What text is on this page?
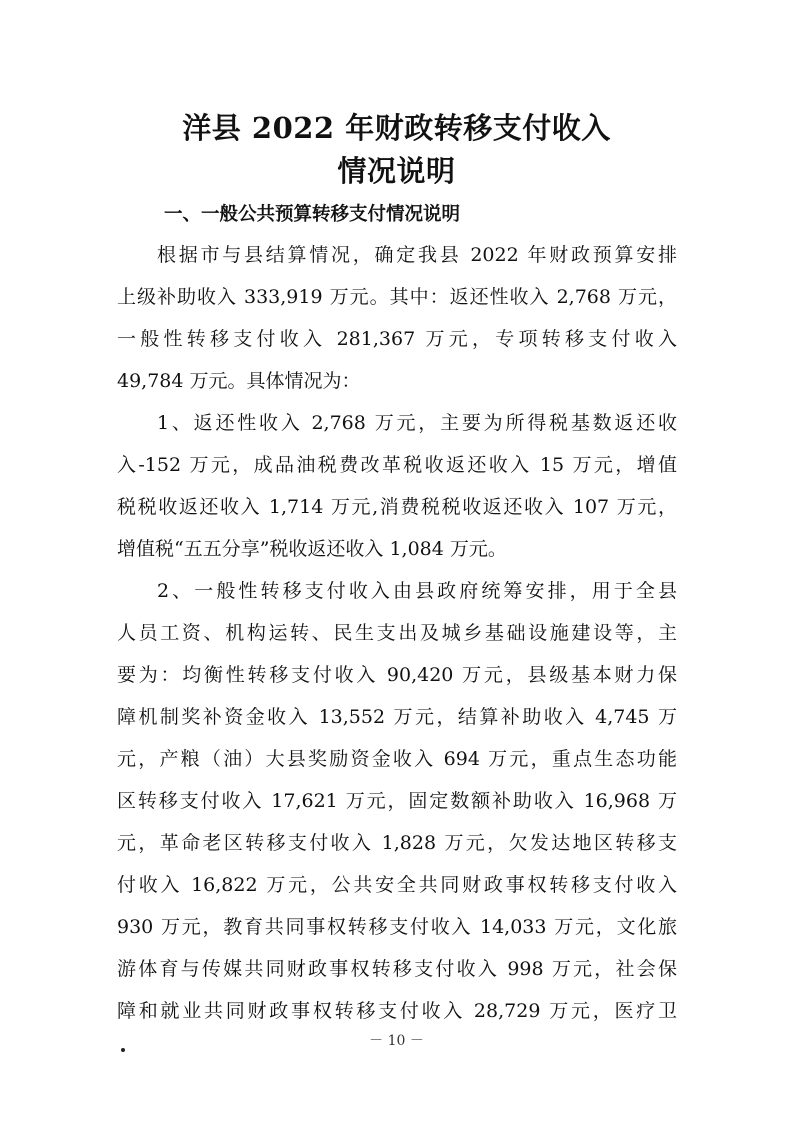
洋县 2022 年财政转移支付收入
情况说明
一、一般公共预算转移支付情况说明

根据市与县结算情况，确定我县 2022 年财政预算安排

上级补助收入 333,919 万元。其中：返还性收入 2,768 万元，

一般性转移支付收入 281,367 万元，专项转移支付收入

49,784 万元。具体情况为：

1、返还性收入 2,768 万元，主要为所得税基数返还收

入-152 万元，成品油税费改革税收返还收入 15 万元，增值

税税收返还收入 1,714 万元,消费税税收返还收入 107 万元，

增值税“五五分享”税收返还收入 1,084 万元。

2、一般性转移支付收入由县政府统筹安排，用于全县

人员工资、机构运转、民生支出及城乡基础设施建设等，主

要为：均衡性转移支付收入 90,420 万元，县级基本财力保

障机制奖补资金收入 13,552 万元，结算补助收入 4,745 万

元，产粮（油）大县奖励资金收入 694 万元，重点生态功能

区转移支付收入 17,621 万元，固定数额补助收入 16,968 万

元，革命老区转移支付收入 1,828 万元，欠发达地区转移支

付收入 16,822 万元，公共安全共同财政事权转移支付收入

930 万元，教育共同事权转移支付收入 14,033 万元，文化旅

游体育与传媒共同财政事权转移支付收入 998 万元，社会保

障和就业共同财政事权转移支付收入 28,729 万元，医疗卫

－ 10 －
